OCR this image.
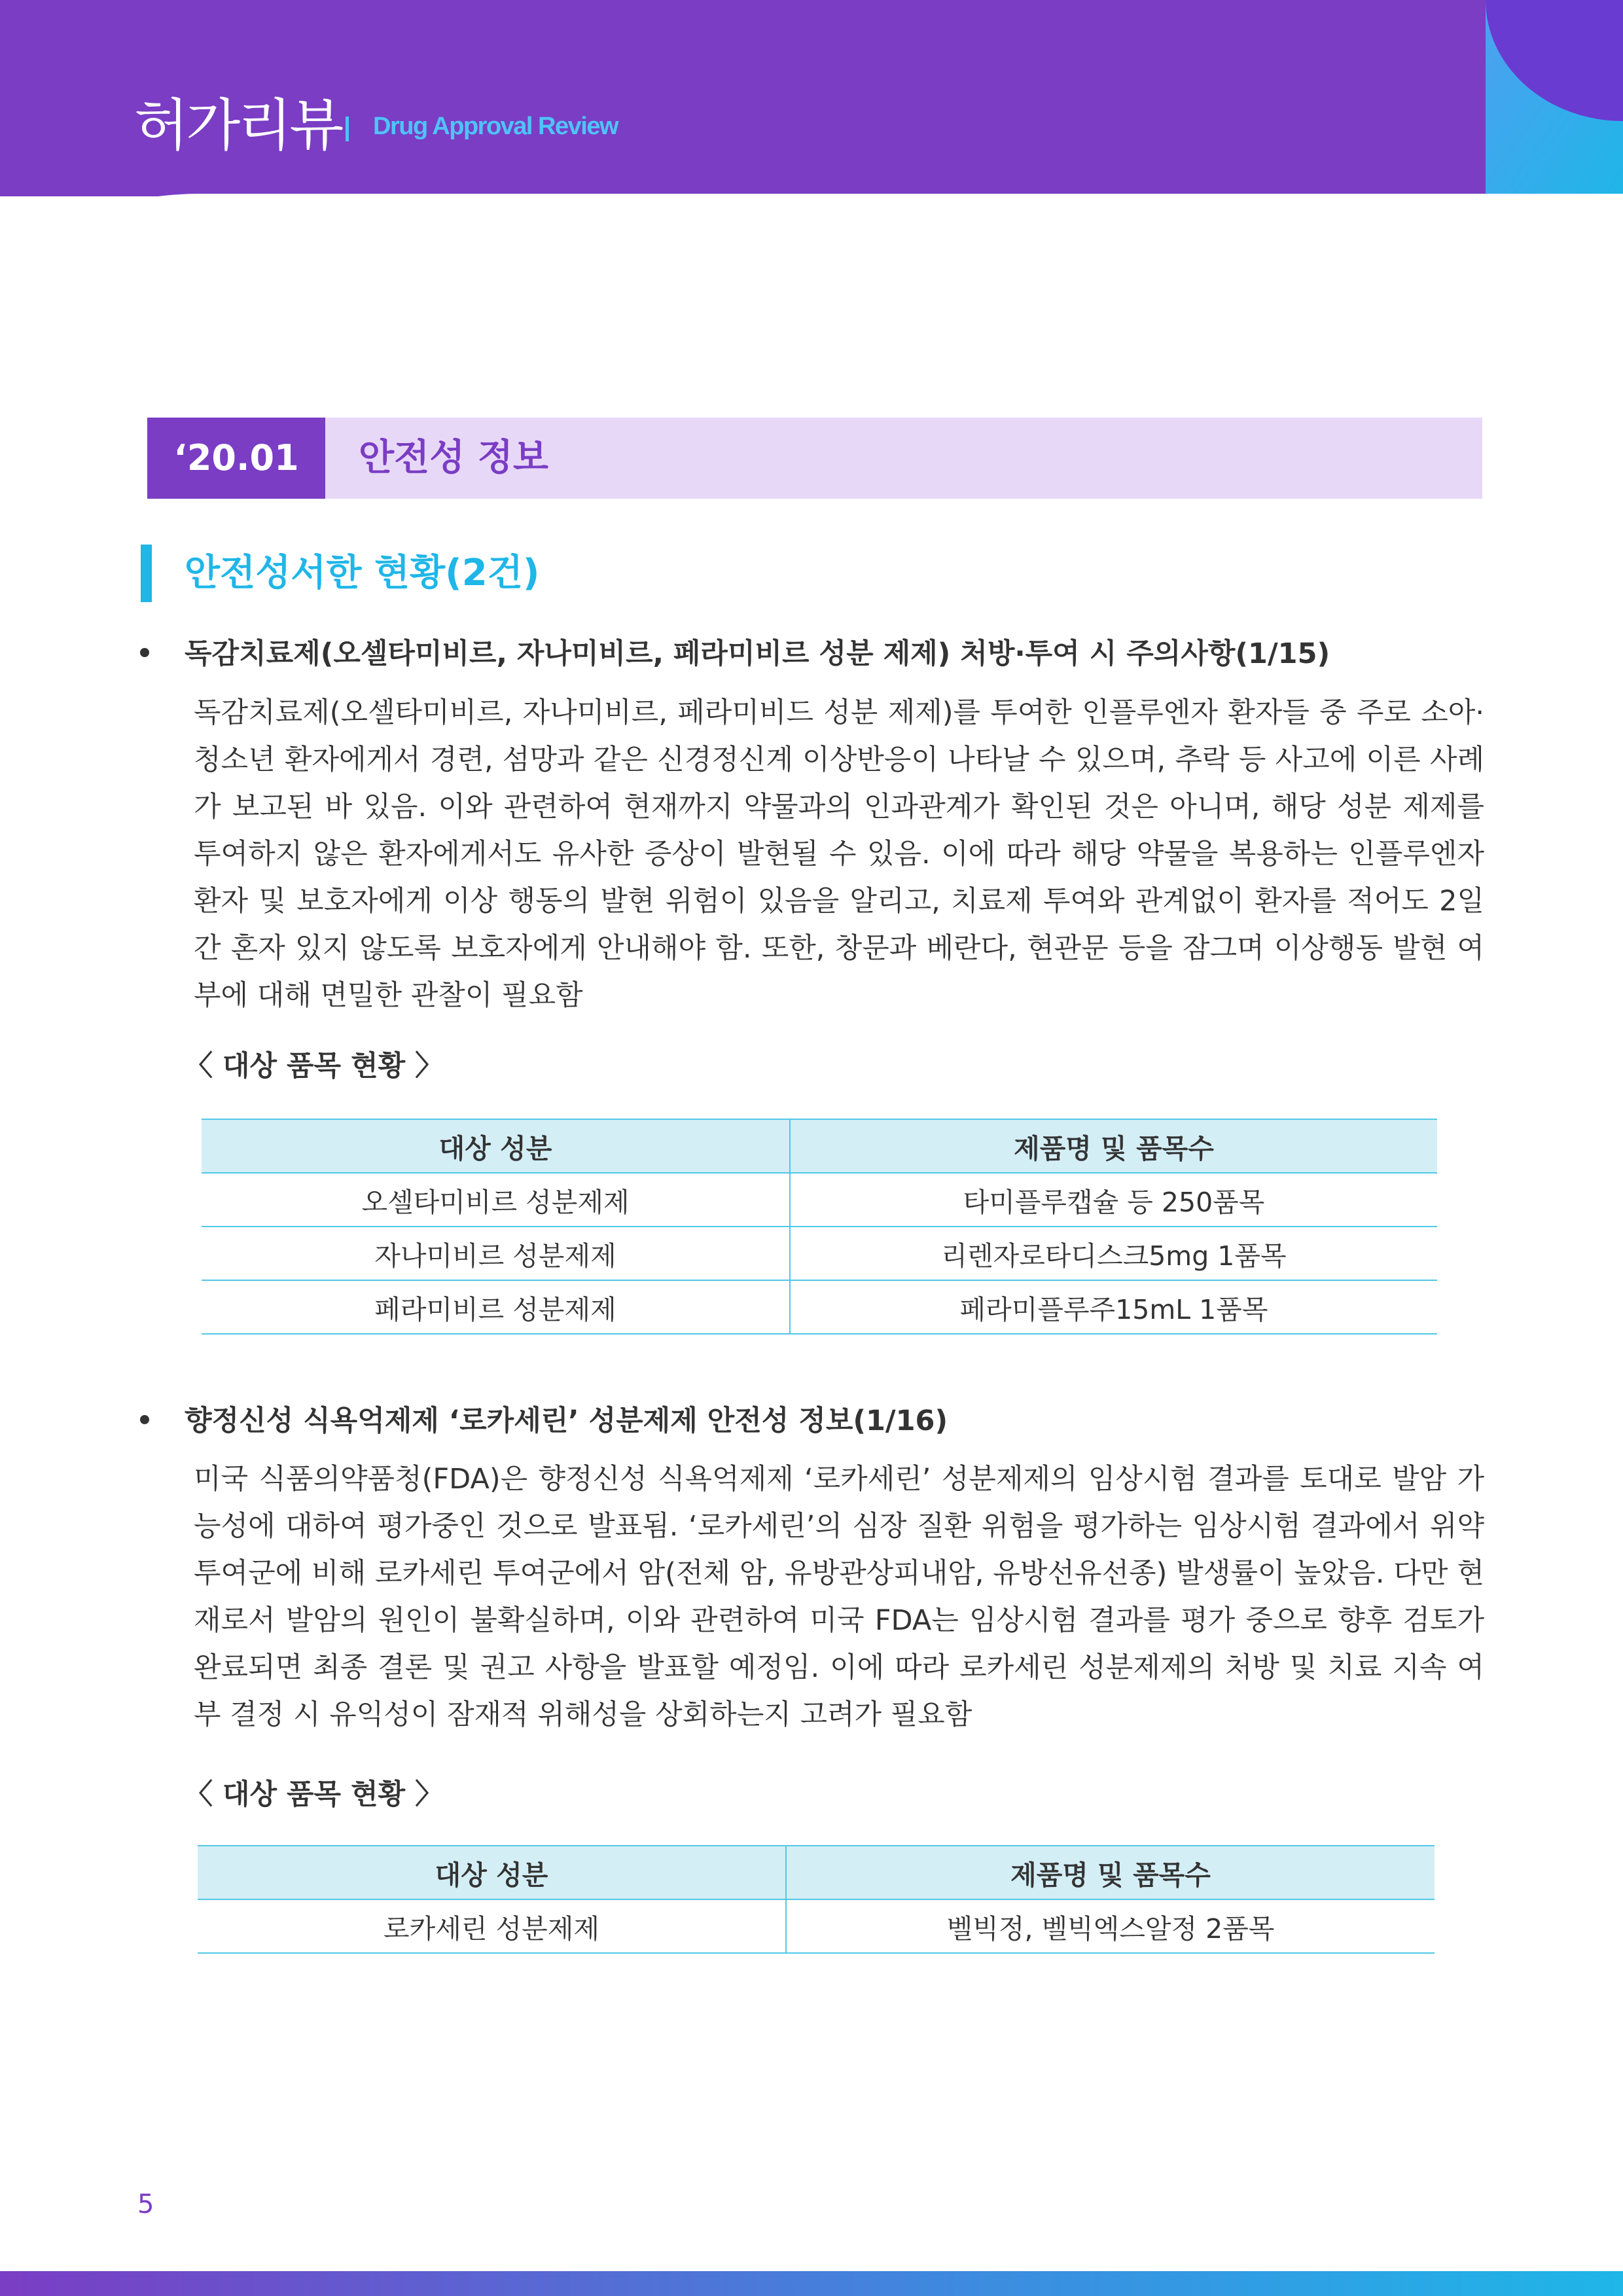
허가리뷰 Drug Approval Review
‘20.01	안전성 정보
안전성서한 현황(2건)
독감치료제(오셀타미비르, 자나미비르, 페라미비르 성분 제제) 처방·투여 시 주의사항(1/15)

독감치료제(오셀타미비르, 자나미비르, 페라미비드 성분 제제)를 투여한 인플루엔자 환자들 중 주로 소아·청소년 환자에게서 경련, 섬망과 같은 신경정신계 이상반응이 나타날 수 있으며, 추락 등 사고에 이른 사례가 보고된 바 있음. 이와 관련하여 현재까지 약물과의 인과관계가 확인된 것은 아니며, 해당 성분 제제를 투여하지 않은 환자에게서도 유사한 증상이 발현될 수 있음. 이에 따라 해당 약물을 복용하는 인플루엔자 환자 및 보호자에게 이상 행동의 발현 위험이 있음을 알리고, 치료제 투여와 관계없이 환자를 적어도 2일간 혼자 있지 않도록 보호자에게 안내해야 함. 또한, 창문과 베란다, 현관문 등을 잠그며 이상행동 발현 여부에 대해 면밀한 관찰이 필요함

〈 대상 품목 현황 〉
대상 성분	제품명 및 품목수
오셀타미비르 성분제제	타미플루캡슐 등 250품목
자나미비르 성분제제	리렌자로타디스크5mg 1품목
페라미비르 성분제제	페라미플루주15mL 1품목
향정신성 식욕억제제 ‘로카세린’ 성분제제 안전성 정보(1/16)

미국 식품의약품청(FDA)은 향정신성 식욕억제제 ‘로카세린’ 성분제제의 임상시험 결과를 토대로 발암 가능성에 대하여 평가중인 것으로 발표됨. ‘로카세린’의 심장 질환 위험을 평가하는 임상시험 결과에서 위약 투여군에 비해 로카세린 투여군에서 암(전체 암, 유방관상피내암, 유방선유선종) 발생률이 높았음. 다만 현재로서 발암의 원인이 불확실하며, 이와 관련하여 미국 FDA는 임상시험 결과를 평가 중으로 향후 검토가 완료되면 최종 결론 및 권고 사항을 발표할 예정임. 이에 따라 로카세린 성분제제의 처방 및 치료 지속 여부 결정 시 유익성이 잠재적 위해성을 상회하는지 고려가 필요함

〈 대상 품목 현황 〉
대상 성분	제품명 및 품목수
로카세린 성분제제	벨빅정, 벨빅엑스알정 2품목
5
